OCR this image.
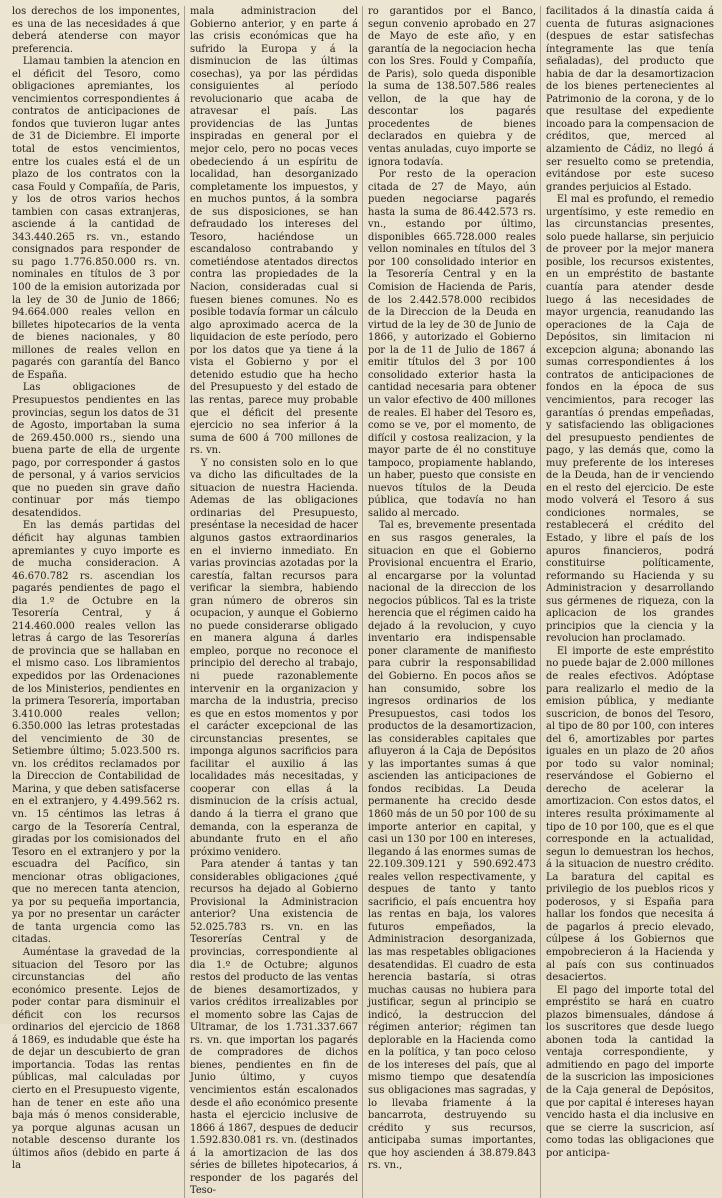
los derechos de los imponentes, es una de las necesidades á que deberá atenderse con mayor preferencia.

Llamau tambien la atencion en el déficit del Tesoro, como obligaciones apremiantes, los vencimientos correspondientes á contratos de anticipaciones de fondos que tuvieron lugar antes de 31 de Diciembre. El importe total de estos vencimientos, entre los cuales está el de un plazo de los contratos con la casa Fould y Compañía, de Paris, y los de otros varios hechos tambien con casas extranjeras, asciende á la cantidad de 343.440.265 rs. vn., estando consignados para responder de su pago 1.776.850.000 rs. vn. nominales en títulos de 3 por 100 de la emision autorizada por la ley de 30 de Junio de 1866; 94.664.000 reales vellon en billetes hipotecarios de la venta de bienes nacionales, y 80 millones de reales vellon en pagarés con garantía del Banco de España.

Las obligaciones de Presupuestos pendientes en las provincias, segun los datos de 31 de Agosto, importaban la suma de 269.450.000 rs., siendo una buena parte de ella de urgente pago, por corresponder á gastos de personal, y á varios servicios que no pueden sin grave daño continuar por más tiempo desatendidos.

En las demás partidas del déficit hay algunas tambien apremiantes y cuyo importe es de mucha consideracion. A 46.670.782 rs. ascendian los pagarés pendientes de pago el dia 1.º de Octubre en la Tesorería Central, y á 214.460.000 reales vellon las letras á cargo de las Tesorerías de provincia que se hallaban en el mismo caso. Los libramientos expedidos por las Ordenaciones de los Ministerios, pendientes en la primera Tesorería, importaban 3.410.000 reales vellon; 6.350.000 las letras protestadas del vencimiento de 30 de Setiembre último; 5.023.500 rs. vn. los créditos reclamados por la Direccion de Contabilidad de Marina, y que deben satisfacerse en el extranjero, y 4.499.562 rs. vn. 15 céntimos las letras á cargo de la Tesorería Central, giradas por los comisionados del Tesoro en el extranjero y por la escuadra del Pacífico, sin mencionar otras obligaciones, que no merecen tanta atencion, ya por su pequeña importancia, ya por no presentar un carácter de tanta urgencia como las citadas.

Auméntase la gravedad de la situacion del Tesoro por las circunstancias del año económico presente. Lejos de poder contar para disminuir el déficit con los recursos ordinarios del ejercicio de 1868 á 1869, es indudable que éste ha de dejar un descubierto de gran importancia. Todas las rentas públicas, mal calculadas por cierto en el Presupuesto vigente, han de tener en este año una baja más ó menos considerable, ya porque algunas acusan un notable descenso durante los últimos años (debido en parte á la

mala administracion del Gobierno anterior, y en parte á las crisis económicas que ha sufrido la Europa y á la disminucion de las últimas cosechas), ya por las pérdidas consiguientes al período revolucionario que acaba de atravesar el país. Las providencias de las Juntas inspiradas en general por el mejor celo, pero no pocas veces obedeciendo á un espíritu de localidad, han desorganizado completamente los impuestos, y en muchos puntos, á la sombra de sus disposiciones, se han defraudado los intereses del Tesoro, haciéndose un escandaloso contrabando y cometiéndose atentados directos contra las propiedades de la Nacion, consideradas cual si fuesen bienes comunes. No es posible todavía formar un cálculo algo aproximado acerca de la liquidacion de este período, pero por los datos que ya tiene á la vista el Gobierno y por el detenido estudio que ha hecho del Presupuesto y del estado de las rentas, parece muy probable que el déficit del presente ejercicio no sea inferior á la suma de 600 á 700 millones de rs. vn.

Y no consisten solo en lo que va dicho las dificultades de la situacion de nuestra Hacienda. Ademas de las obligaciones ordinarias del Presupuesto, preséntase la necesidad de hacer algunos gastos extraordinarios en el invierno inmediato. En varias provincias azotadas por la carestía, faltan recursos para verificar la siembra, habiendo gran número de obreros sin ocupacion, y aunque el Gobierno no puede considerarse obligado en manera alguna á darles empleo, porque no reconoce el principio del derecho al trabajo, ni puede razonablemente intervenir en la organizacion y marcha de la industria, preciso es que en estos momentos y por el carácter excepcional de las circunstancias presentes, se imponga algunos sacrificios para facilitar el auxilio á las localidades más necesitadas, y cooperar con ellas á la disminucion de la crísis actual, dando á la tierra el grano que demanda, con la esperanza de abundante fruto en el año próximo venidero.

Para atender á tantas y tan considerables obligaciones ¿qué recursos ha dejado al Gobierno Provisional la Administracion anterior? Una existencia de 52.025.783 rs. vn. en las Tesorerías Central y de provincias, correspondiente al dia 1.º de Octubre; algunos restos del producto de las ventas de bienes desamortizados, y varios créditos irrealizables por el momento sobre las Cajas de Ultramar, de los 1.731.337.667 rs. vn. que importan los pagarés de compradores de dichos bienes, pendientes en fin de Junio último, y cuyos vencimientos están escalonados desde el año económico presente hasta el ejercicio inclusive de 1866 á 1867, despues de deducir 1.592.830.081 rs. vn. (destinados á la amortizacion de las dos séries de billetes hipotecarios, á responder de los pagarés del Teso-

ro garantidos por el Banco, segun convenio aprobado en 27 de Mayo de este año, y en garantía de la negociacion hecha con los Sres. Fould y Compañía, de Paris), solo queda disponible la suma de 138.507.586 reales vellon, de la que hay de descontar los pagarés procedentes de bienes declarados en quiebra y de ventas anuladas, cuyo importe se ignora todavía.

Por resto de la operacion citada de 27 de Mayo, aún pueden negociarse pagarés hasta la suma de 86.442.573 rs. vn., estando por último, disponibles 665.728.000 reales vellon nominales en títulos del 3 por 100 consolidado interior en la Tesorería Central y en la Comision de Hacienda de Paris, de los 2.442.578.000 recibidos de la Direccion de la Deuda en virtud de la ley de 30 de Junio de 1866, y autorizado el Gobierno por la de 11 de Julio de 1867 á emitir títulos del 3 por 100 consolidado exterior hasta la cantidad necesaria para obtener un valor efectivo de 400 millones de reales. El haber del Tesoro es, como se ve, por el momento, de difícil y costosa realizacion, y la mayor parte de él no constituye tampoco, propiamente hablando, un haber, puesto que consiste en nuevos títulos de la Deuda pública, que todavía no han salido al mercado.

Tal es, brevemente presentada en sus rasgos generales, la situacion en que el Gobierno Provisional encuentra el Erario, al encargarse por la voluntad nacional de la direccion de los negocios públicos. Tal es la triste herencia que el régimen caido ha dejado á la revolucion, y cuyo inventario era indispensable poner claramente de manifiesto para cubrir la responsabilidad del Gobierno. En pocos años se han consumido, sobre los ingresos ordinarios de los Presupuestos, casi todos los productos de la desamortizacion, las considerables capitales que afluyeron á la Caja de Depósitos y las importantes sumas á que ascienden las anticipaciones de fondos recibidas. La Deuda permanente ha crecido desde 1860 más de un 50 por 100 de su importe anterior en capital, y casi un 130 por 100 en intereses, llegando á las enormes sumas de 22.109.309.121 y 590.692.473 reales vellon respectivamente, y despues de tanto y tanto sacrificio, el país encuentra hoy las rentas en baja, los valores futuros empeñados, la Administracion desorganizada, las mas respetables obligaciones desatendidas. El cuadro de esta herencia bastaría, si otras muchas causas no hubiera para justificar, segun al principio se indicó, la destruccion del régimen anterior; régimen tan deplorable en la Hacienda como en la política, y tan poco celoso de los intereses del país, que al mismo tiempo que desatendía sus obligaciones mas sagradas, y lo llevaba friamente á la bancarrota, destruyendo su crédito y sus recursos, anticipaba sumas importantes, que hoy ascienden á 38.879.843 rs. vn.,

facilitados á la dinastía caida á cuenta de futuras asignaciones (despues de estar satisfechas íntegramente las que tenía señaladas), del producto que habia de dar la desamortizacion de los bienes pertenecientes al Patrimonio de la corona, y de lo que resultase del expediente incoado para la compensacion de créditos, que, merced al alzamiento de Cádiz, no llegó á ser resuelto como se pretendia, evitándose por este suceso grandes perjuicios al Estado.

El mal es profundo, el remedio urgentísimo, y este remedio en las circunstancias presentes, solo puede hallarse, sin perjuicio de proveer por la mejor manera posible, los recursos existentes, en un empréstito de bastante cuantía para atender desde luego á las necesidades de mayor urgencia, reanudando las operaciones de la Caja de Depósitos, sin limitacion ni excepcion alguna; abonando las sumas correspondientes á los contratos de anticipaciones de fondos en la época de sus vencimientos, para recoger las garantías ó prendas empeñadas, y satisfaciendo las obligaciones del presupuesto pendientes de pago, y las demás que, como la muy preferente de los intereses de la Deuda, han de ir venciendo en el resto del ejercicio. De este modo volverá el Tesoro á sus condiciones normales, se restablecerá el crédito del Estado, y libre el país de los apuros financieros, podrá constituirse políticamente, reformando su Hacienda y su Administracion y desarrollando sus gérmenes de riqueza, con la aplicacion de los grandes principios que la ciencia y la revolucion han proclamado.

El importe de este empréstito no puede bajar de 2.000 millones de reales efectivos. Adóptase para realizarlo el medio de la emision pública, y mediante suscricion, de bonos del Tesoro, al tipo de 80 por 100, con interes del 6, amortizables por partes iguales en un plazo de 20 años por todo su valor nominal; reservándose el Gobierno el derecho de acelerar la amortizacion. Con estos datos, el interes resulta próximamente al tipo de 10 por 100, que es el que corresponde en la actualidad, segun lo demuestran los hechos, á la situacion de nuestro crédito. La baratura del capital es privilegio de los pueblos ricos y poderosos, y si España para hallar los fondos que necesita á de pagarlos á precio elevado, cúlpese á los Gobiernos que empobrecieron á la Hacienda y al país con sus continuados desaciertos.

El pago del importe total del empréstito se hará en cuatro plazos bimensuales, dándose á los suscritores que desde luego abonen toda la cantidad la ventaja correspondiente, y admitiendo en pago del importe de la suscricion las imposiciones de la Caja general de Depósitos, que por capital é intereses hayan vencido hasta el dia inclusive en que se cierre la suscricion, así como todas las obligaciones que por anticipa-
